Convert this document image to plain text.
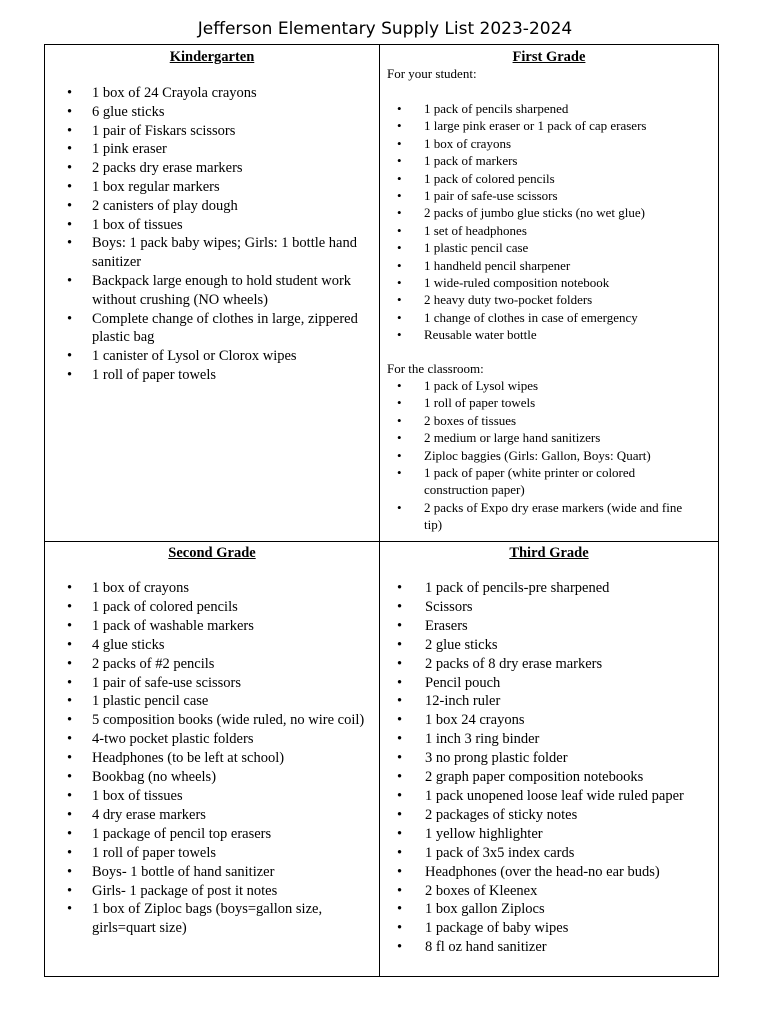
Jefferson Elementary Supply List 2023-2024
Kindergarten
• 1 box of 24 Crayola crayons
• 6 glue sticks
• 1 pair of Fiskars scissors
• 1 pink eraser
• 2 packs dry erase markers
• 1 box regular markers
• 2 canisters of play dough
• 1 box of tissues
• Boys: 1 pack baby wipes; Girls: 1 bottle hand sanitizer
• Backpack large enough to hold student work without crushing (NO wheels)
• Complete change of clothes in large, zippered plastic bag
• 1 canister of Lysol or Clorox wipes
• 1 roll of paper towels
First Grade

For your student:

• 1 pack of pencils sharpened
• 1 large pink eraser or 1 pack of cap erasers
• 1 box of crayons
• 1 pack of markers
• 1 pack of colored pencils
• 1 pair of safe-use scissors
• 2 packs of jumbo glue sticks (no wet glue)
• 1 set of headphones
• 1 plastic pencil case
• 1 handheld pencil sharpener
• 1 wide-ruled composition notebook
• 2 heavy duty two-pocket folders
• 1 change of clothes in case of emergency
• Reusable water bottle

For the classroom:

• 1 pack of Lysol wipes
• 1 roll of paper towels
• 2 boxes of tissues
• 2 medium or large hand sanitizers
• Ziploc baggies (Girls: Gallon, Boys: Quart)
• 1 pack of paper (white printer or colored construction paper)
• 2 packs of Expo dry erase markers (wide and fine tip)
Second Grade
• 1 box of crayons
• 1 pack of colored pencils
• 1 pack of washable markers
• 4 glue sticks
• 2 packs of #2 pencils
• 1 pair of safe-use scissors
• 1 plastic pencil case
• 5 composition books (wide ruled, no wire coil)
• 4-two pocket plastic folders
• Headphones (to be left at school)
• Bookbag (no wheels)
• 1 box of tissues
• 4 dry erase markers
• 1 package of pencil top erasers
• 1 roll of paper towels
• Boys- 1 bottle of hand sanitizer
• Girls- 1 package of post it notes
• 1 box of Ziploc bags (boys=gallon size, girls=quart size)
Third Grade
• 1 pack of pencils-pre sharpened
• Scissors
• Erasers
• 2 glue sticks
• 2 packs of 8 dry erase markers
• Pencil pouch
• 12-inch ruler
• 1 box 24 crayons
• 1 inch 3 ring binder
• 3 no prong plastic folder
• 2 graph paper composition notebooks
• 1 pack unopened loose leaf wide ruled paper
• 2 packages of sticky notes
• 1 yellow highlighter
• 1 pack of 3x5 index cards
• Headphones (over the head-no ear buds)
• 2 boxes of Kleenex
• 1 box gallon Ziplocs
• 1 package of baby wipes
• 8 fl oz hand sanitizer
